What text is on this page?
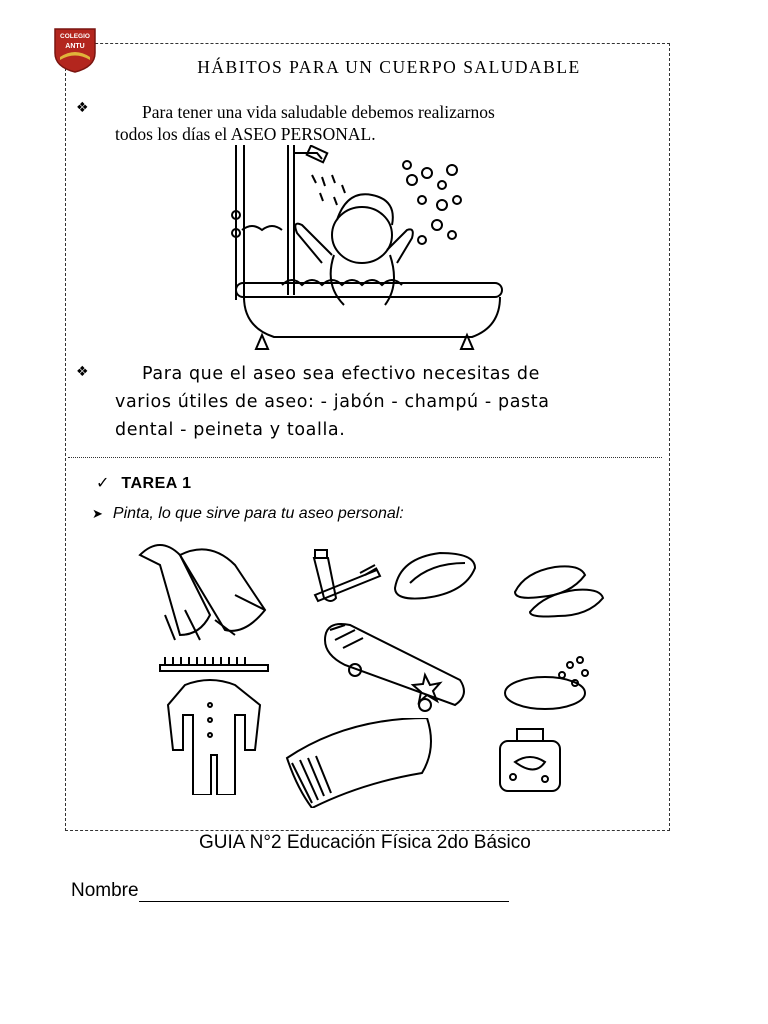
COLEGIO
ANTU
HÁBITOS PARA UN CUERPO SALUDABLE
❖	Para tener una vida saludable debemos realizarnos
todos los días el ASEO PERSONAL.
❖	Para que el aseo sea efectivo necesitas de
varios útiles de aseo: - jabón - champú - pasta
dental - peineta y toalla.
✓ TAREA 1
➤ Pinta, lo que sirve para tu aseo personal:
GUIA N°2 Educación Física 2do Básico
Nombre
